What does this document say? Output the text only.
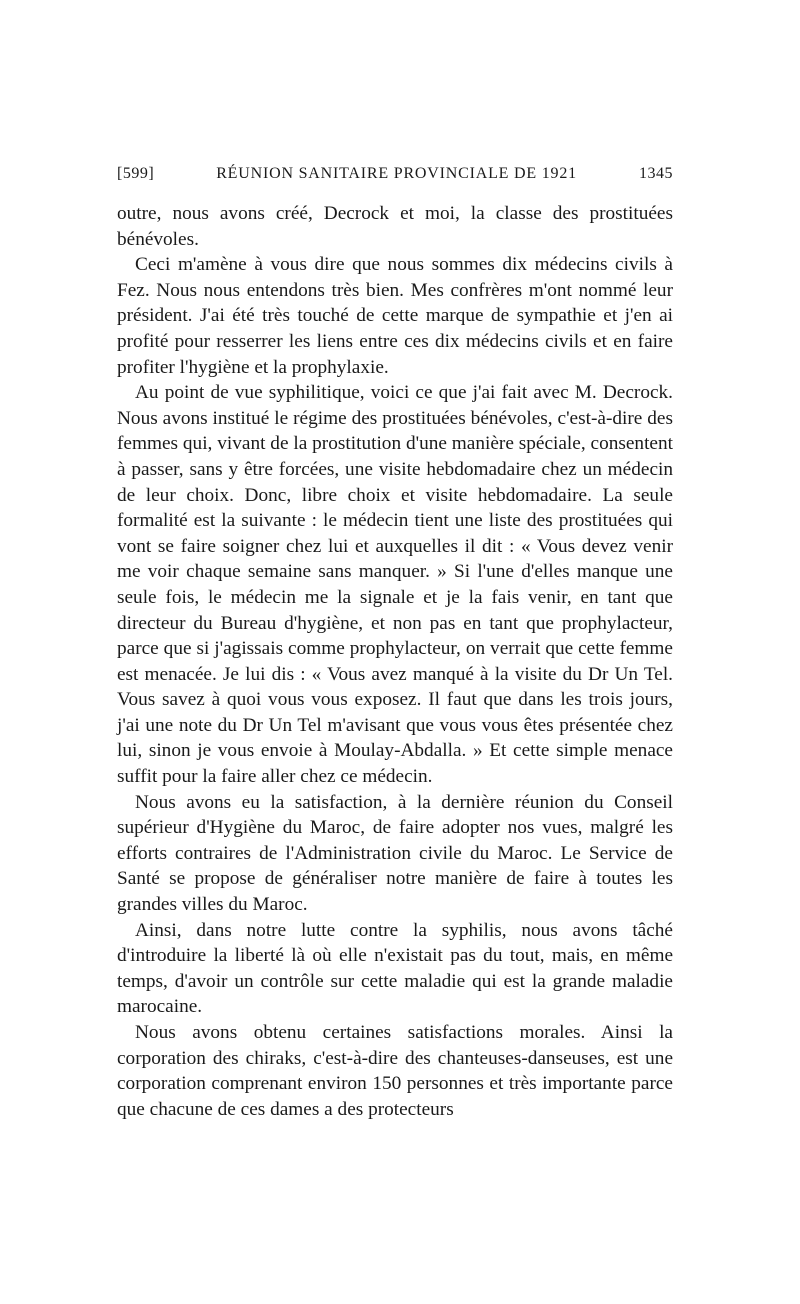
[599]	RÉUNION SANITAIRE PROVINCIALE DE 1921	1345

outre, nous avons créé, Decrock et moi, la classe des prostituées bénévoles.

Ceci m'amène à vous dire que nous sommes dix médecins civils à Fez. Nous nous entendons très bien. Mes confrères m'ont nommé leur président. J'ai été très touché de cette marque de sympathie et j'en ai profité pour resserrer les liens entre ces dix médecins civils et en faire profiter l'hygiène et la prophylaxie.

Au point de vue syphilitique, voici ce que j'ai fait avec M. Decrock. Nous avons institué le régime des prostituées bénévoles, c'est-à-dire des femmes qui, vivant de la prostitution d'une manière spéciale, consentent à passer, sans y être forcées, une visite hebdomadaire chez un médecin de leur choix. Donc, libre choix et visite hebdomadaire. La seule formalité est la suivante : le médecin tient une liste des prostituées qui vont se faire soigner chez lui et auxquelles il dit : « Vous devez venir me voir chaque semaine sans manquer. » Si l'une d'elles manque une seule fois, le médecin me la signale et je la fais venir, en tant que directeur du Bureau d'hygiène, et non pas en tant que prophylacteur, parce que si j'agissais comme prophylacteur, on verrait que cette femme est menacée. Je lui dis : « Vous avez manqué à la visite du Dr Un Tel. Vous savez à quoi vous vous exposez. Il faut que dans les trois jours, j'ai une note du Dr Un Tel m'avisant que vous vous êtes présentée chez lui, sinon je vous envoie à Moulay-Abdalla. » Et cette simple menace suffit pour la faire aller chez ce médecin.

Nous avons eu la satisfaction, à la dernière réunion du Conseil supérieur d'Hygiène du Maroc, de faire adopter nos vues, malgré les efforts contraires de l'Administration civile du Maroc. Le Service de Santé se propose de généraliser notre manière de faire à toutes les grandes villes du Maroc.

Ainsi, dans notre lutte contre la syphilis, nous avons tâché d'introduire la liberté là où elle n'existait pas du tout, mais, en même temps, d'avoir un contrôle sur cette maladie qui est la grande maladie marocaine.

Nous avons obtenu certaines satisfactions morales. Ainsi la corporation des chiraks, c'est-à-dire des chanteuses-danseuses, est une corporation comprenant environ 150 personnes et très importante parce que chacune de ces dames a des protecteurs
